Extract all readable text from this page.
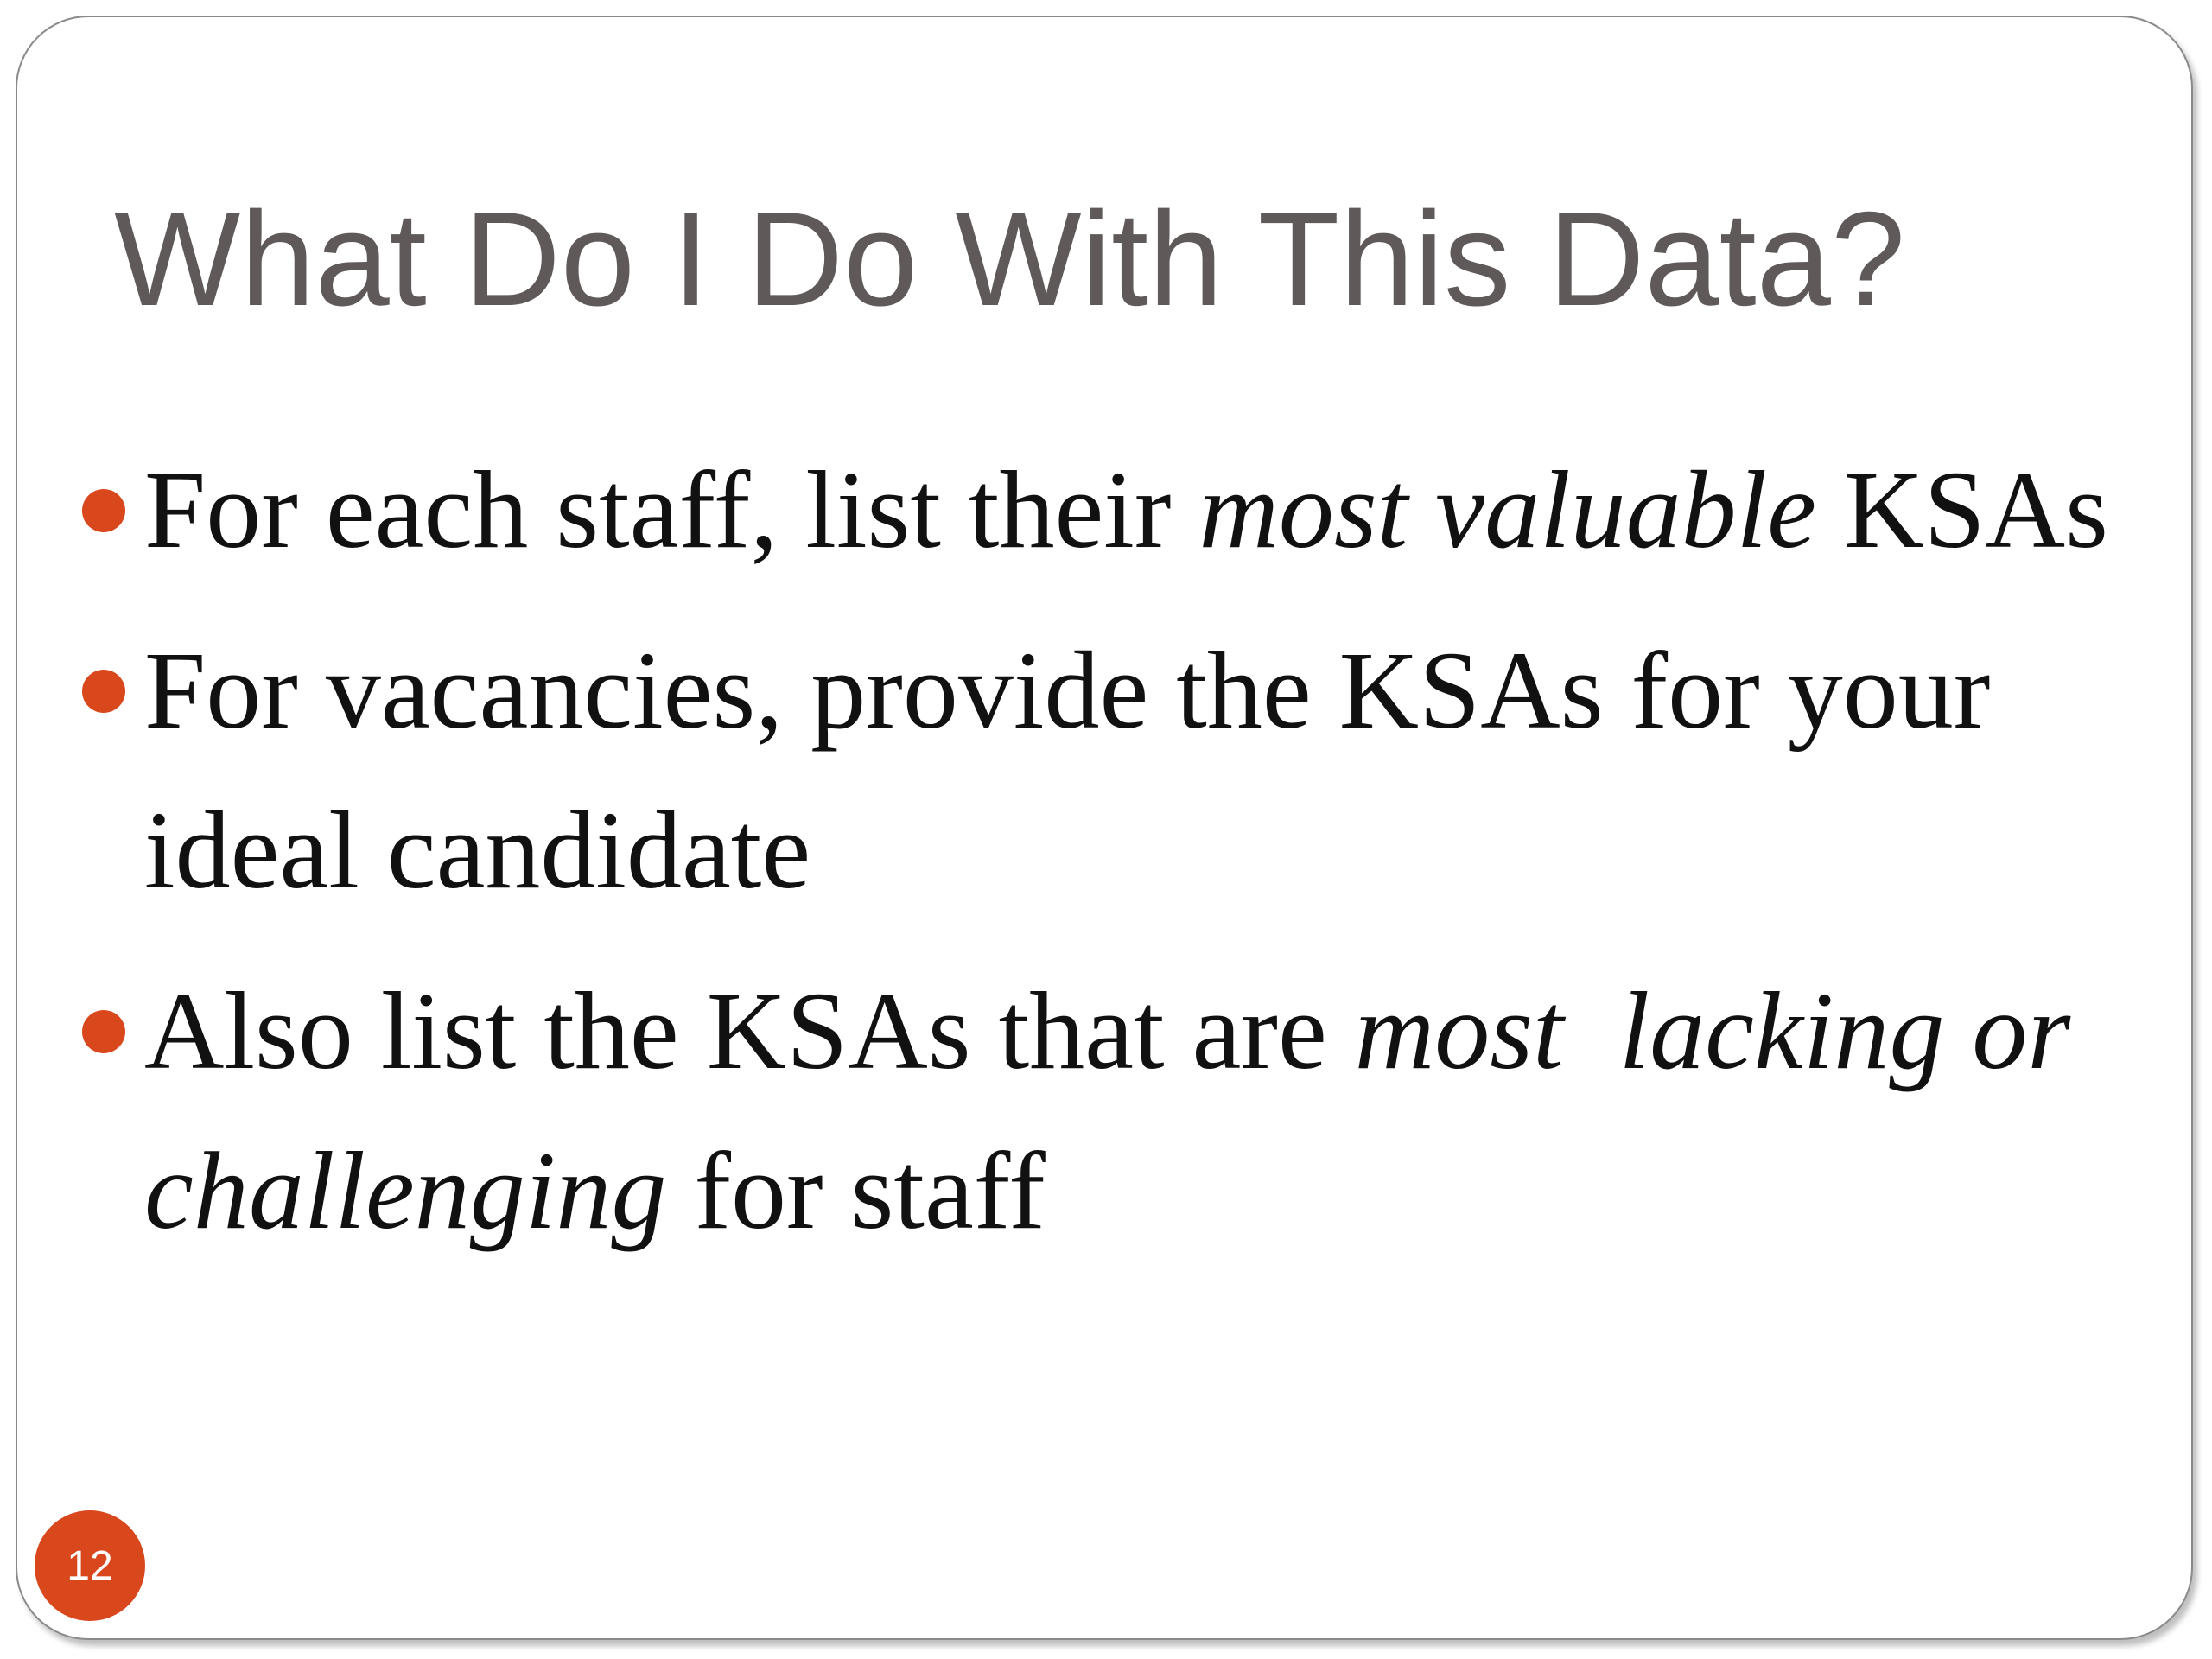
What Do I Do With This Data?
For each staff, list their most valuable KSAs
For vacancies, provide the KSAs for your
ideal candidate
Also list the KSAs that are most  lacking or
challenging for staff
12
